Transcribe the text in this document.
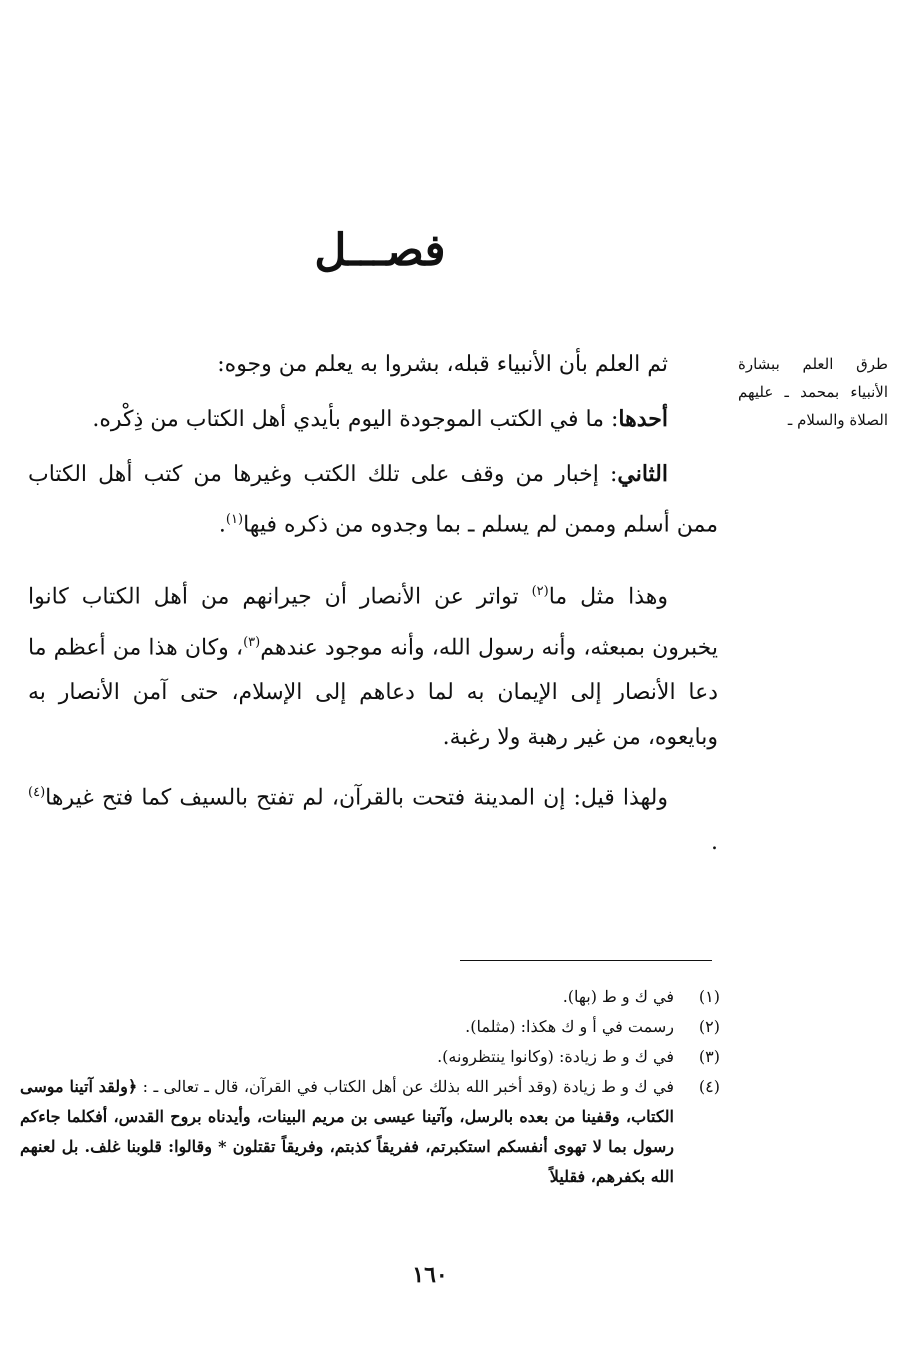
فصـــل
طرق العلم ببشارة الأنبياء بمحمد ـ عليهم الصلاة والسلام ـ

ثم العلم بأن الأنبياء قبله، بشروا به يعلم من وجوه:

أحدها: ما في الكتب الموجودة اليوم بأيدي أهل الكتاب من ذِكْره.

الثاني: إخبار من وقف على تلك الكتب وغيرها من كتب أهل الكتاب ممن أسلم وممن لم يسلم ـ بما وجدوه من ذكره فيها$^{(١)}$.

وهذا مثل ما$^{(٢)}$ تواتر عن الأنصار أن جيرانهم من أهل الكتاب كانوا يخبرون بمبعثه، وأنه رسول الله، وأنه موجود عندهم$^{(٣)}$، وكان هذا من أعظم ما دعا الأنصار إلى الإيمان به لما دعاهم إلى الإسلام، حتى آمن الأنصار به وبايعوه، من غير رهبة ولا رغبة.

ولهذا قيل: إن المدينة فتحت بالقرآن، لم تفتح بالسيف كما فتح غيرها$^{(٤)}$ .

(١)
في ك و ط (بها).
(٢)
رسمت في أ و ك هكذا: (مثلما).
(٣)
في ك و ط زيادة: (وكانوا ينتظرونه).
(٤)
في ك و ط زيادة (وقد أخبر الله بذلك عن أهل الكتاب في القرآن، قال ـ تعالى ـ : ﴿ولقد آتينا موسى الكتاب، وقفينا من بعده بالرسل، وآتينا عيسى بن مريم البينات، وأيدناه بروح القدس، أفكلما جاءكم رسول بما لا تهوى أنفسكم استكبرتم، ففريقاً كذبتم، وفريقاً تقتلون * وقالوا: قلوبنا غلف. بل لعنهم الله بكفرهم، فقليلاً
١٦٠
